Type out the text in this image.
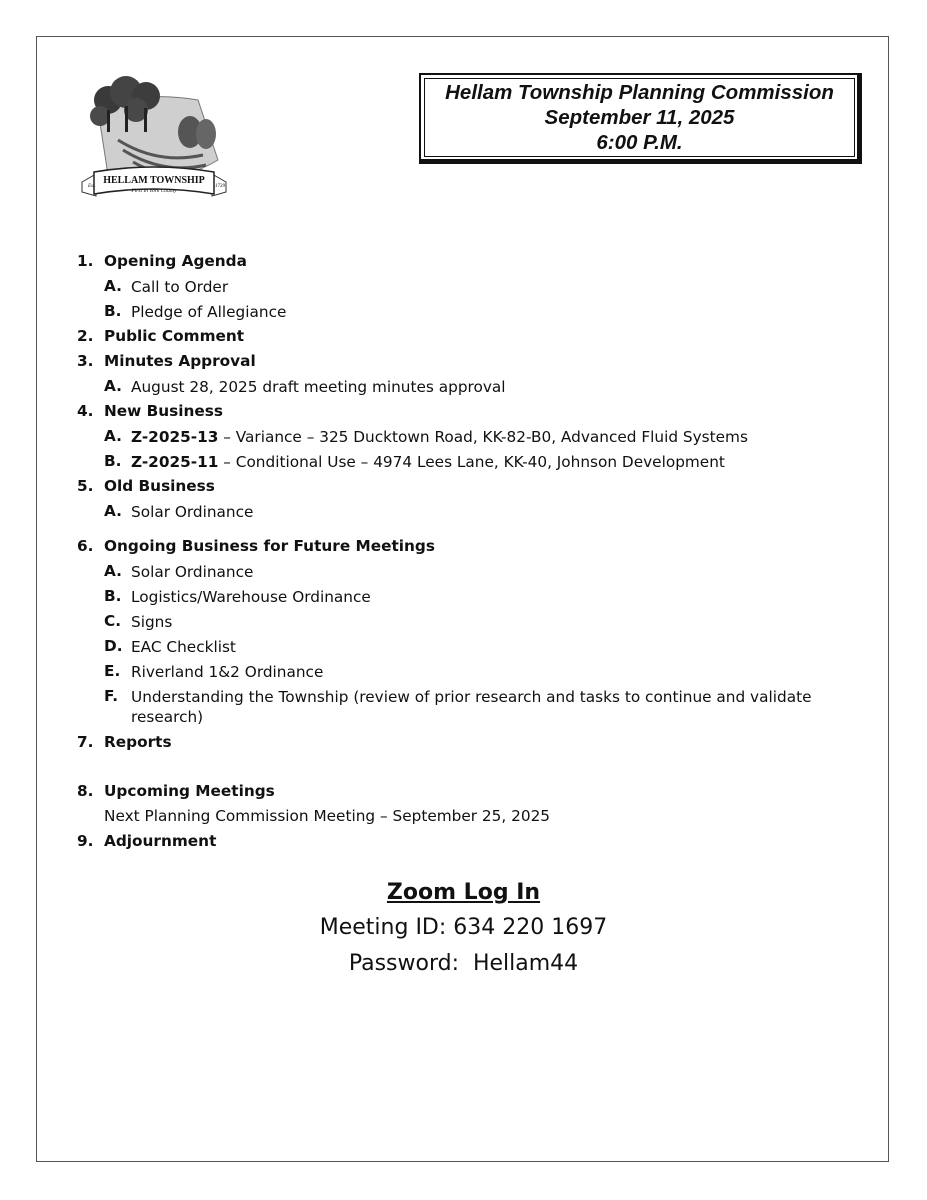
HELLAM TOWNSHIP
First In York County
Est.	1739
Hellam Township Planning Commission
September 11, 2025
6:00 P.M.
1. Opening Agenda
A. Call to Order
B. Pledge of Allegiance
2. Public Comment
3. Minutes Approval
A. August 28, 2025 draft meeting minutes approval
4. New Business
A. Z-2025-13 – Variance – 325 Ducktown Road, KK-82-B0, Advanced Fluid Systems
B. Z-2025-11 – Conditional Use – 4974 Lees Lane, KK-40, Johnson Development
5. Old Business
A. Solar Ordinance
6. Ongoing Business for Future Meetings
A. Solar Ordinance
B. Logistics/Warehouse Ordinance
C. Signs
D. EAC Checklist
E. Riverland 1&2 Ordinance
F. Understanding the Township (review of prior research and tasks to continue and validate research)
7. Reports
8. Upcoming Meetings
Next Planning Commission Meeting – September 25, 2025
9. Adjournment
Zoom Log In
Meeting ID: 634 220 1697
Password:  Hellam44
